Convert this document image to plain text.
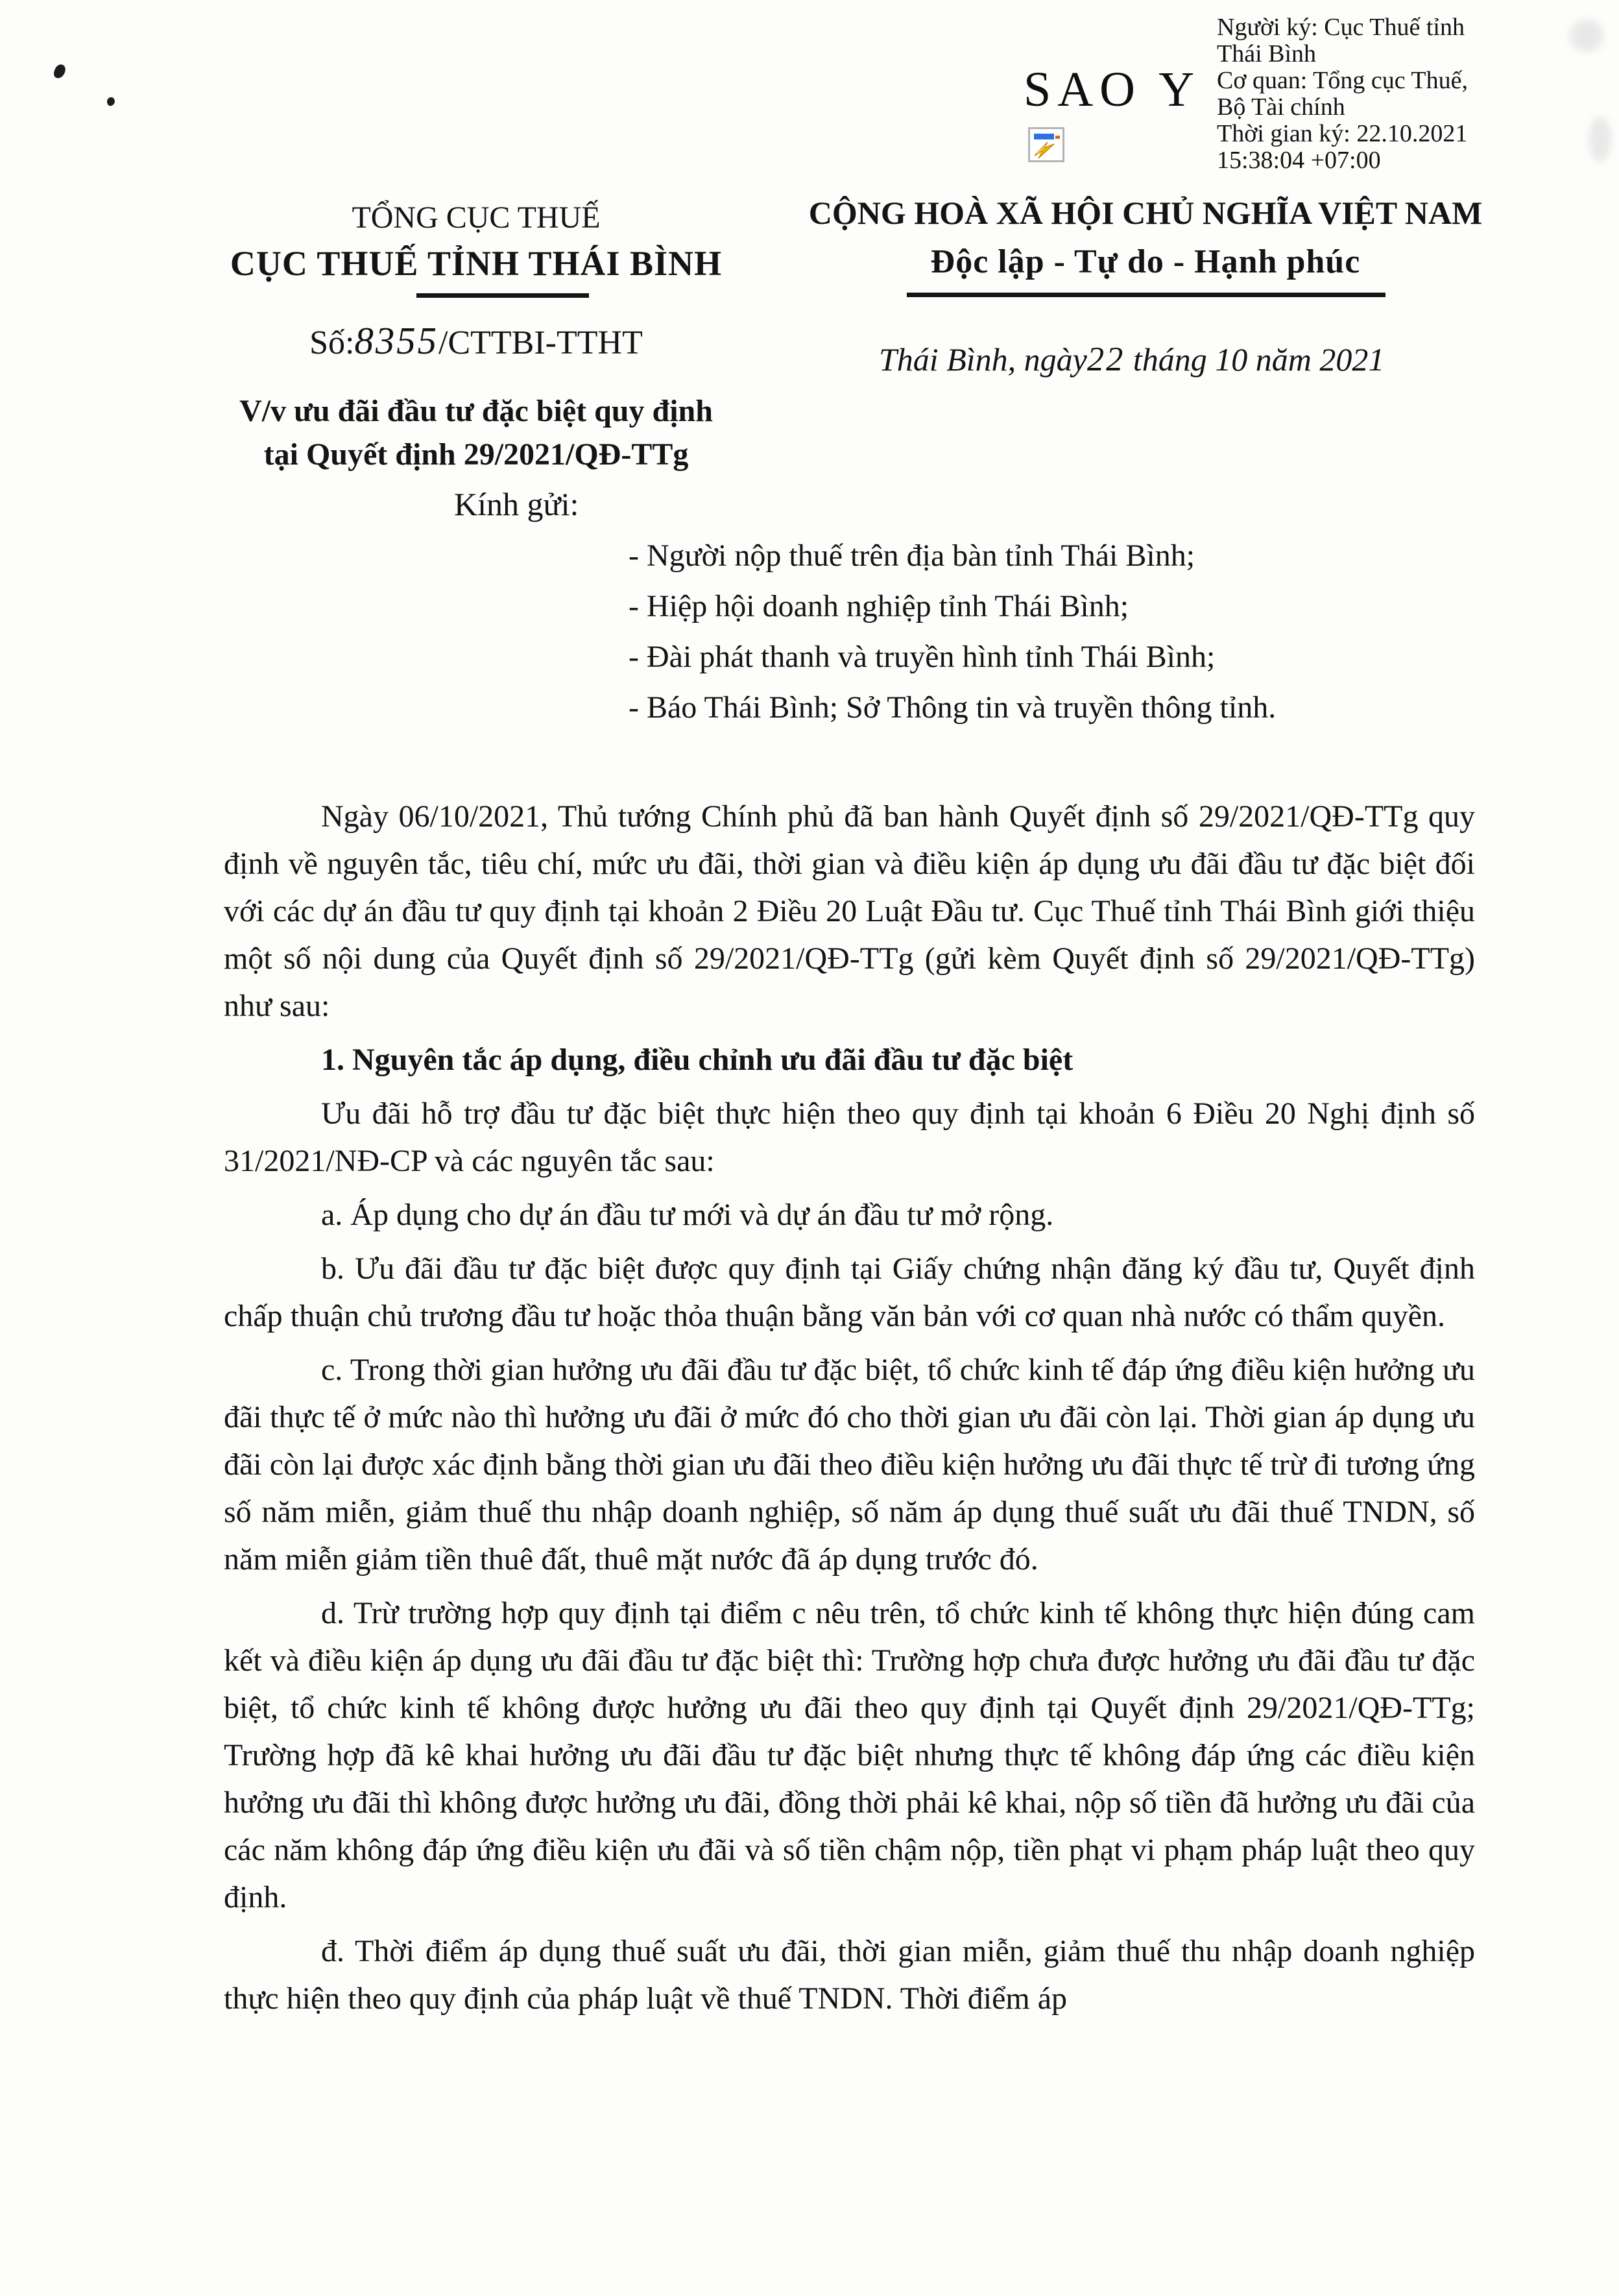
SAO Y
Người ký: Cục Thuế tỉnh
Thái Bình
Cơ quan: Tổng cục Thuế,
Bộ Tài chính
Thời gian ký: 22.10.2021
15:38:04 +07:00
TỔNG CỤC THUẾ
CỤC THUẾ TỈNH THÁI BÌNH
Số:8355/CTTBI-TTHT
V/v ưu đãi đầu tư đặc biệt quy định
tại Quyết định 29/2021/QĐ-TTg
CỘNG HOÀ XÃ HỘI CHỦ NGHĨA VIỆT NAM
Độc lập - Tự do - Hạnh phúc
Thái Bình, ngày22 tháng 10 năm 2021
Kính gửi:
- Người nộp thuế trên địa bàn tỉnh Thái Bình;
- Hiệp hội doanh nghiệp tỉnh Thái Bình;
- Đài phát thanh và truyền hình tỉnh Thái Bình;
- Báo Thái Bình; Sở Thông tin và truyền thông tỉnh.

Ngày 06/10/2021, Thủ tướng Chính phủ đã ban hành Quyết định số 29/2021/QĐ-TTg quy định về nguyên tắc, tiêu chí, mức ưu đãi, thời gian và điều kiện áp dụng ưu đãi đầu tư đặc biệt đối với các dự án đầu tư quy định tại khoản 2 Điều 20 Luật Đầu tư. Cục Thuế tỉnh Thái Bình giới thiệu một số nội dung của Quyết định số 29/2021/QĐ-TTg (gửi kèm Quyết định số 29/2021/QĐ-TTg) như sau:

1. Nguyên tắc áp dụng, điều chỉnh ưu đãi đầu tư đặc biệt

Ưu đãi hỗ trợ đầu tư đặc biệt thực hiện theo quy định tại khoản 6 Điều 20 Nghị định số 31/2021/NĐ-CP và các nguyên tắc sau:

a. Áp dụng cho dự án đầu tư mới và dự án đầu tư mở rộng.

b. Ưu đãi đầu tư đặc biệt được quy định tại Giấy chứng nhận đăng ký đầu tư, Quyết định chấp thuận chủ trương đầu tư hoặc thỏa thuận bằng văn bản với cơ quan nhà nước có thẩm quyền.

c. Trong thời gian hưởng ưu đãi đầu tư đặc biệt, tổ chức kinh tế đáp ứng điều kiện hưởng ưu đãi thực tế ở mức nào thì hưởng ưu đãi ở mức đó cho thời gian ưu đãi còn lại. Thời gian áp dụng ưu đãi còn lại được xác định bằng thời gian ưu đãi theo điều kiện hưởng ưu đãi thực tế trừ đi tương ứng số năm miễn, giảm thuế thu nhập doanh nghiệp, số năm áp dụng thuế suất ưu đãi thuế TNDN, số năm miễn giảm tiền thuê đất, thuê mặt nước đã áp dụng trước đó.

d. Trừ trường hợp quy định tại điểm c nêu trên, tổ chức kinh tế không thực hiện đúng cam kết và điều kiện áp dụng ưu đãi đầu tư đặc biệt thì: Trường hợp chưa được hưởng ưu đãi đầu tư đặc biệt, tổ chức kinh tế không được hưởng ưu đãi theo quy định tại Quyết định 29/2021/QĐ-TTg; Trường hợp đã kê khai hưởng ưu đãi đầu tư đặc biệt nhưng thực tế không đáp ứng các điều kiện hưởng ưu đãi thì không được hưởng ưu đãi, đồng thời phải kê khai, nộp số tiền đã hưởng ưu đãi của các năm không đáp ứng điều kiện ưu đãi và số tiền chậm nộp, tiền phạt vi phạm pháp luật theo quy định.

đ. Thời điểm áp dụng thuế suất ưu đãi, thời gian miễn, giảm thuế thu nhập doanh nghiệp thực hiện theo quy định của pháp luật về thuế TNDN. Thời điểm áp
